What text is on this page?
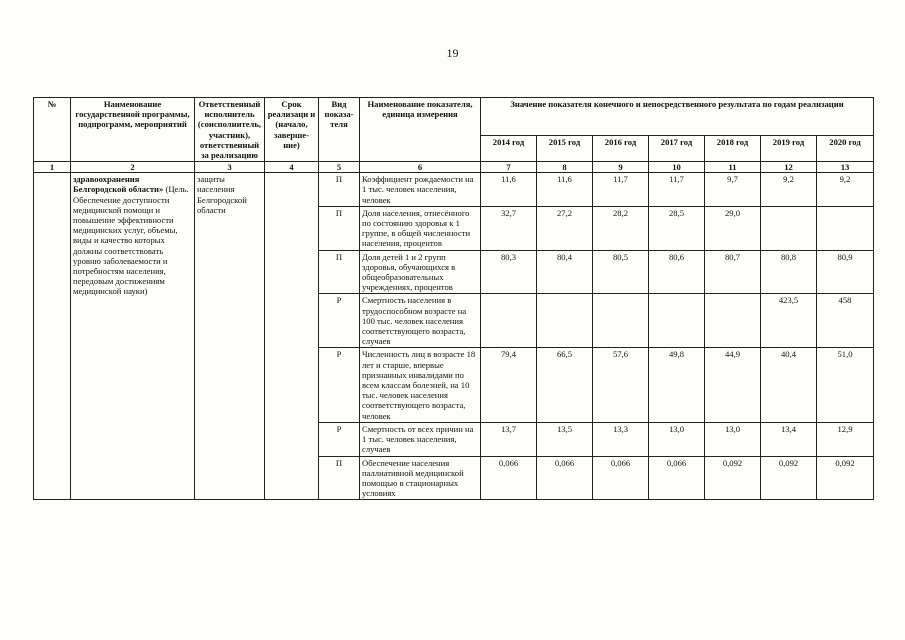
19
№	Наименование государственной программы, подпрограмм, мероприятий	Ответственный исполнитель (соисполнитель, участник), ответственный за реализацию	Срок реализаци и (начало, заверше- ние)	Вид показа- теля	Наименование показателя, единица измерения	Значение показателя конечного и непосредственного результата по годам реализации						
						2014 год	2015 год	2016 год	2017 год	2018 год	2019 год	2020 год
1	2	3	4	5	6	7	8	9	10	11	12	13
	здравоохранения Белгородской области» (Цель. Обеспечение доступности медицинской помощи и повышение эффективности медицинских услуг, объемы, виды и качество которых должны соответствовать уровню заболеваемости и потребностям населения, передовым достижениям медицинской науки)	защиты населения Белгородской области		П	Коэффициент рождаемости на 1 тыс. человек населения, человек	11,6	11,6	11,7	11,7	9,7	9,2	9,2
				П	Доля населения, отнесённого по состоянию здоровья к 1 группе, в общей численности населения, процентов	32,7	27,2	28,2	28,5	29,0		
				П	Доля детей 1 и 2 групп здоровья, обучающихся в общеобразовательных учреждениях, процентов	80,3	80,4	80,5	80,6	80,7	80,8	80,9
				Р	Смертность населения в трудоспособном возрасте на 100 тыс. человек населения соответствующего возраста, случаев						423,5	458
				Р	Численность лиц в возрасте 18 лет и старше, впервые признанных инвалидами по всем классам болезней, на 10 тыс. человек населения соответствующего возраста, человек	79,4	66,5	57,6	49,8	44,9	40,4	51,0
				Р	Смертность от всех причин на 1 тыс. человек населения, случаев	13,7	13,5	13,3	13,0	13,0	13,4	12,9
				П	Обеспечение населения паллиативной медицинской помощью в стационарных условиях	0,066	0,066	0,066	0,066	0,092	0,092	0,092
